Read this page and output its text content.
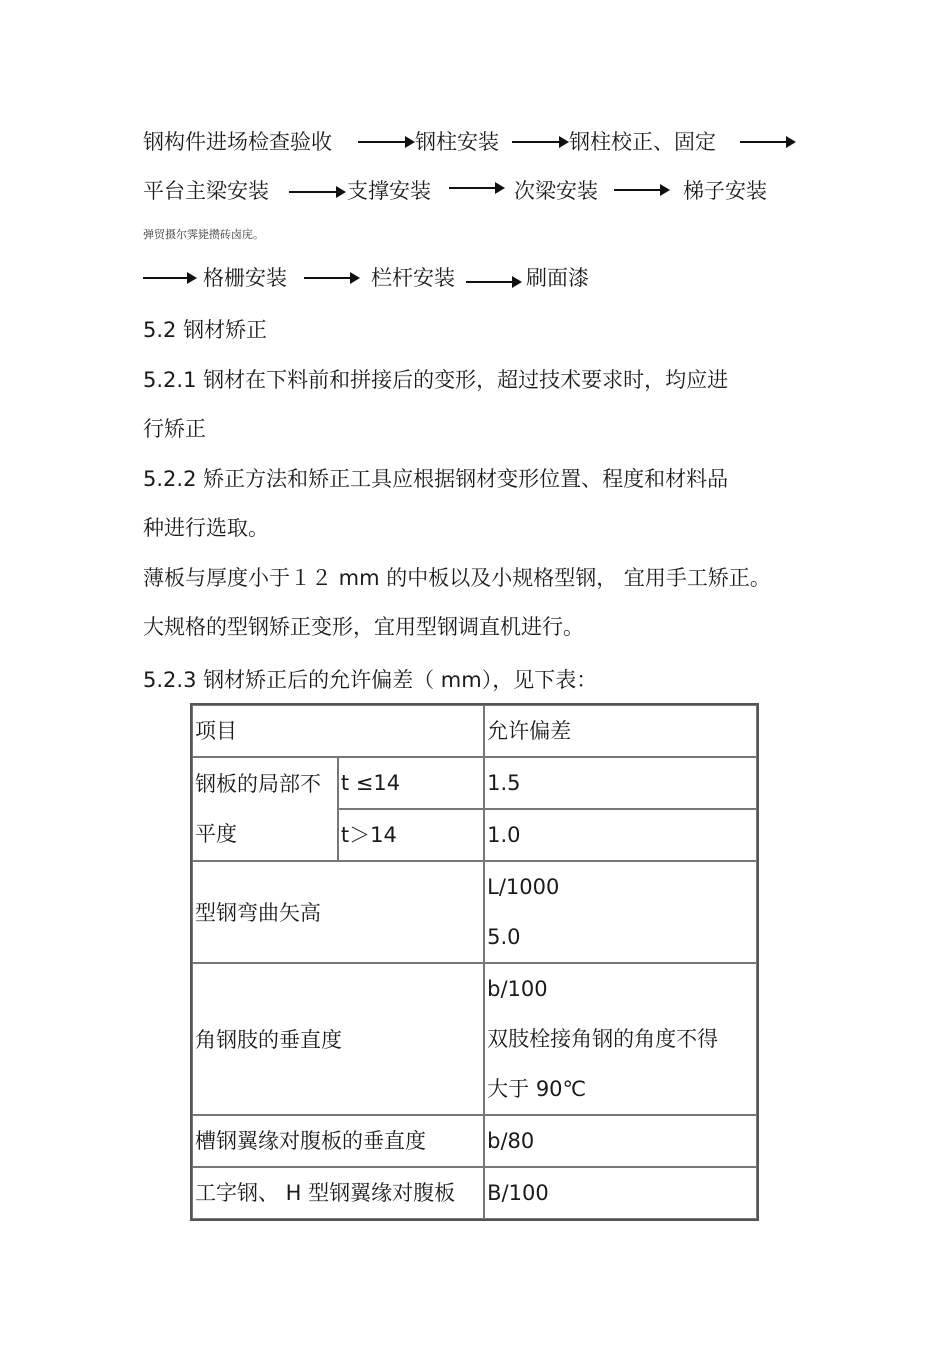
钢构件进场检查验收	钢柱安装	钢柱校正、固定
平台主梁安装	支撑安装	次梁安装	梯子安装
弹贸摄尔霁毙攒砖卤庑。
格栅安装	栏杆安装	刷面漆
5.2 钢材矫正
5.2.1 钢材在下料前和拼接后的变形，超过技术要求时，均应进
行矫正
5.2.2 矫正方法和矫正工具应根据钢材变形位置、程度和材料品
种进行选取。
薄板与厚度小于１２ mm 的中板以及小规格型钢， 宜用手工矫正。
大规格的型钢矫正变形，宜用型钢调直机进行。
5.2.3 钢材矫正后的允许偏差（ mm），见下表：
项目		允许偏差

钢板的局部不
平度	t ≤14	1.5
	t＞14	1.0
型钢弯曲矢高		L/1000
5.0

角钢肢的垂直度		b/100
双肢栓接角钢的角度不得
大于 90℃

槽钢翼缘对腹板的垂直度		b/80
工字钢、 H 型钢翼缘对腹板		B/100
